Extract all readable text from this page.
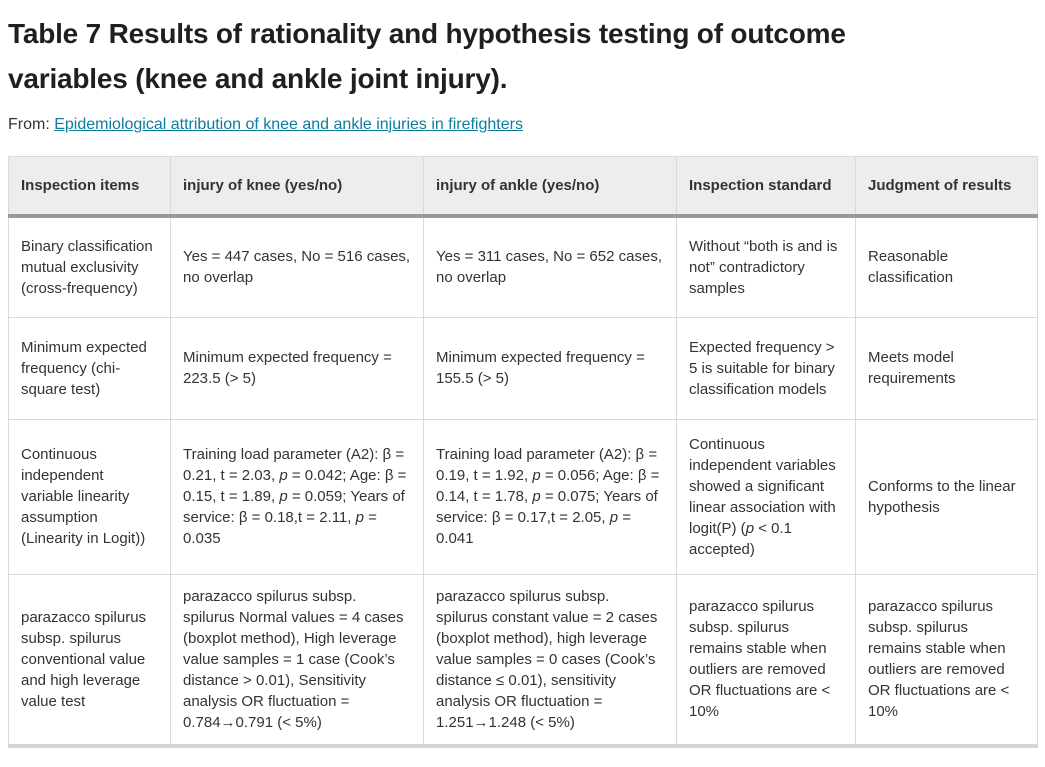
Table 7 Results of rationality and hypothesis testing of outcome variables (knee and ankle joint injury).

From: Epidemiological attribution of knee and ankle injuries in firefighters

Inspection items	injury of knee (yes/no)	injury of ankle (yes/no)	Inspection standard	Judgment of results
Binary classification mutual exclusivity (cross-frequency)	Yes = 447 cases, No = 516 cases, no overlap	Yes = 311 cases, No = 652 cases, no overlap	Without “both is and is not” contradictory samples	Reasonable classification
Minimum expected frequency (chi-square test)	Minimum expected frequency = 223.5 (> 5)	Minimum expected frequency = 155.5 (> 5)	Expected frequency > 5 is suitable for binary classification models	Meets model requirements
Continuous independent variable linearity assumption (Linearity in Logit))	Training load parameter (A2): β = 0.21, t = 2.03, p = 0.042; Age: β = 0.15, t = 1.89, p = 0.059; Years of service: β = 0.18,t = 2.11, p = 0.035	Training load parameter (A2): β = 0.19, t = 1.92, p = 0.056; Age: β = 0.14, t = 1.78, p = 0.075; Years of service: β = 0.17,t = 2.05, p = 0.041	Continuous independent variables showed a significant linear association with logit(P) (p < 0.1 accepted)	Conforms to the linear hypothesis
parazacco spilurus subsp. spilurus conventional value and high leverage value test	parazacco spilurus subsp. spilurus Normal values = 4 cases (boxplot method), High leverage value samples = 1 case (Cook’s distance > 0.01), Sensitivity analysis OR fluctuation = 0.784→0.791 (< 5%)	parazacco spilurus subsp. spilurus constant value = 2 cases (boxplot method), high leverage value samples = 0 cases (Cook’s distance ≤ 0.01), sensitivity analysis OR fluctuation = 1.251→1.248 (< 5%)	parazacco spilurus subsp. spilurus remains stable when outliers are removed OR fluctuations are < 10%	parazacco spilurus subsp. spilurus remains stable when outliers are removed OR fluctuations are < 10%
